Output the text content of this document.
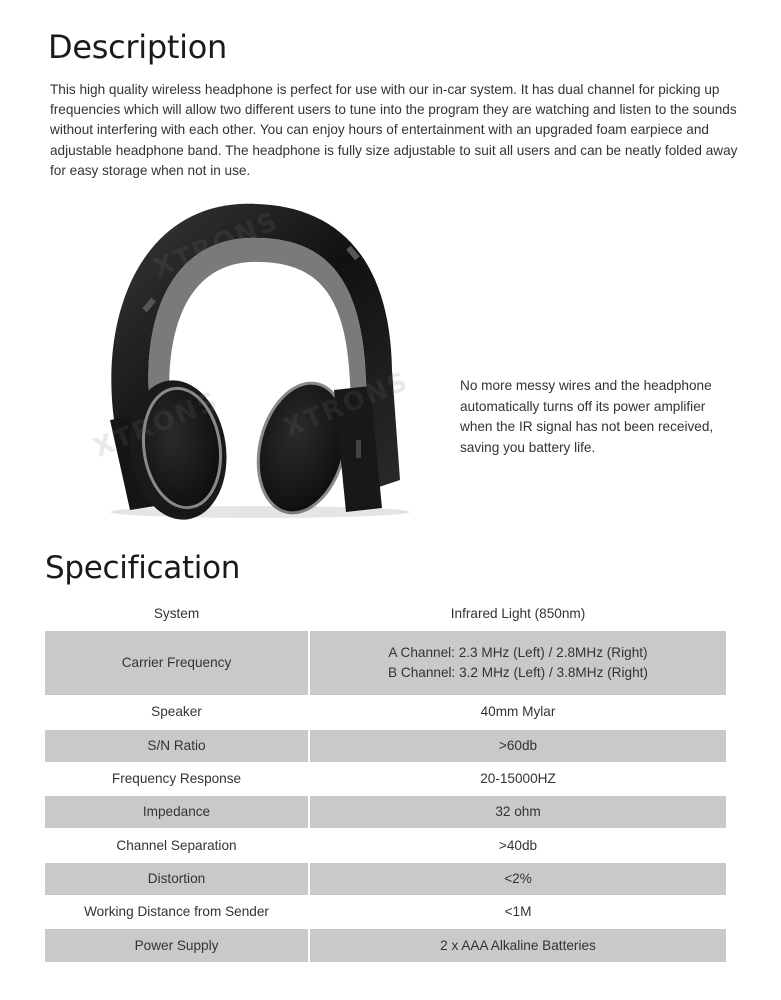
Description

This high quality wireless headphone is perfect for use with our in-car system. It has dual channel for picking up frequencies which will allow two different users to tune into the program they are watching and listen to the sounds without interfering with each other. You can enjoy hours of entertainment with an upgraded foam earpiece and adjustable headphone band. The headphone is fully size adjustable to suit all users and can be neatly folded away for easy storage when not in use.

No more messy wires and the headphone automatically turns off its power amplifier when the IR signal has not been received, saving you battery life.

Specification
System	Infrared Light (850nm)
Carrier Frequency	A Channel: 2.3 MHz (Left) / 2.8MHz (Right)
B Channel: 3.2 MHz (Left) / 3.8MHz (Right)

Speaker	40mm Mylar
S/N Ratio	>60db
Frequency Response	20-15000HZ
Impedance	32 ohm
Channel Separation	>40db
Distortion	<2%
Working Distance from Sender	<1M
Power Supply	2 x AAA Alkaline Batteries
